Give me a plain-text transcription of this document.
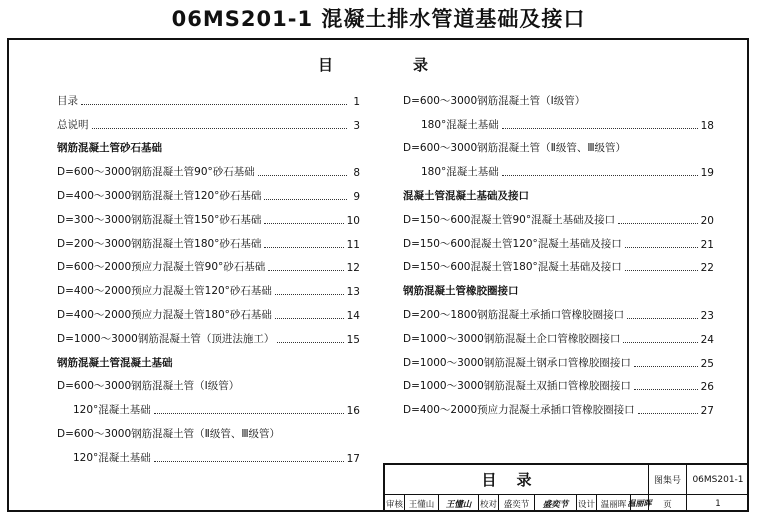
06MS201-1 混凝土排水管道基础及接口
目	录
目录	1
总说明	3
钢筋混凝土管砂石基础
D=600～3000钢筋混凝土管90°砂石基础	8
D=400～3000钢筋混凝土管120°砂石基础	9
D=300～3000钢筋混凝土管150°砂石基础	10
D=200～3000钢筋混凝土管180°砂石基础	11
D=600～2000预应力混凝土管90°砂石基础	12
D=400～2000预应力混凝土管120°砂石基础	13
D=400～2000预应力混凝土管180°砂石基础	14
D=1000～3000钢筋混凝土管（顶进法施工）	15
钢筋混凝土管混凝土基础
D=600～3000钢筋混凝土管（Ⅰ级管）
120°混凝土基础	16
D=600～3000钢筋混凝土管（Ⅱ级管、Ⅲ级管）
120°混凝土基础	17
D=600～3000钢筋混凝土管（Ⅰ级管）
180°混凝土基础	18
D=600～3000钢筋混凝土管（Ⅱ级管、Ⅲ级管）
180°混凝土基础	19
混凝土管混凝土基础及接口
D=150～600混凝土管90°混凝土基础及接口	20
D=150～600混凝土管120°混凝土基础及接口	21
D=150～600混凝土管180°混凝土基础及接口	22
钢筋混凝土管橡胶圈接口
D=200～1800钢筋混凝土承插口管橡胶圈接口	23
D=1000～3000钢筋混凝土企口管橡胶圈接口	24
D=1000～3000钢筋混凝土钢承口管橡胶圈接口	25
D=1000～3000钢筋混凝土双插口管橡胶圈接口	26
D=400～2000预应力混凝土承插口管橡胶圈接口	27
目录	图集号	06MS201-1
审核 王懂山	王懂山	校对 盛奕节	盛奕节	设计 温丽晖 温丽晖	页	1
